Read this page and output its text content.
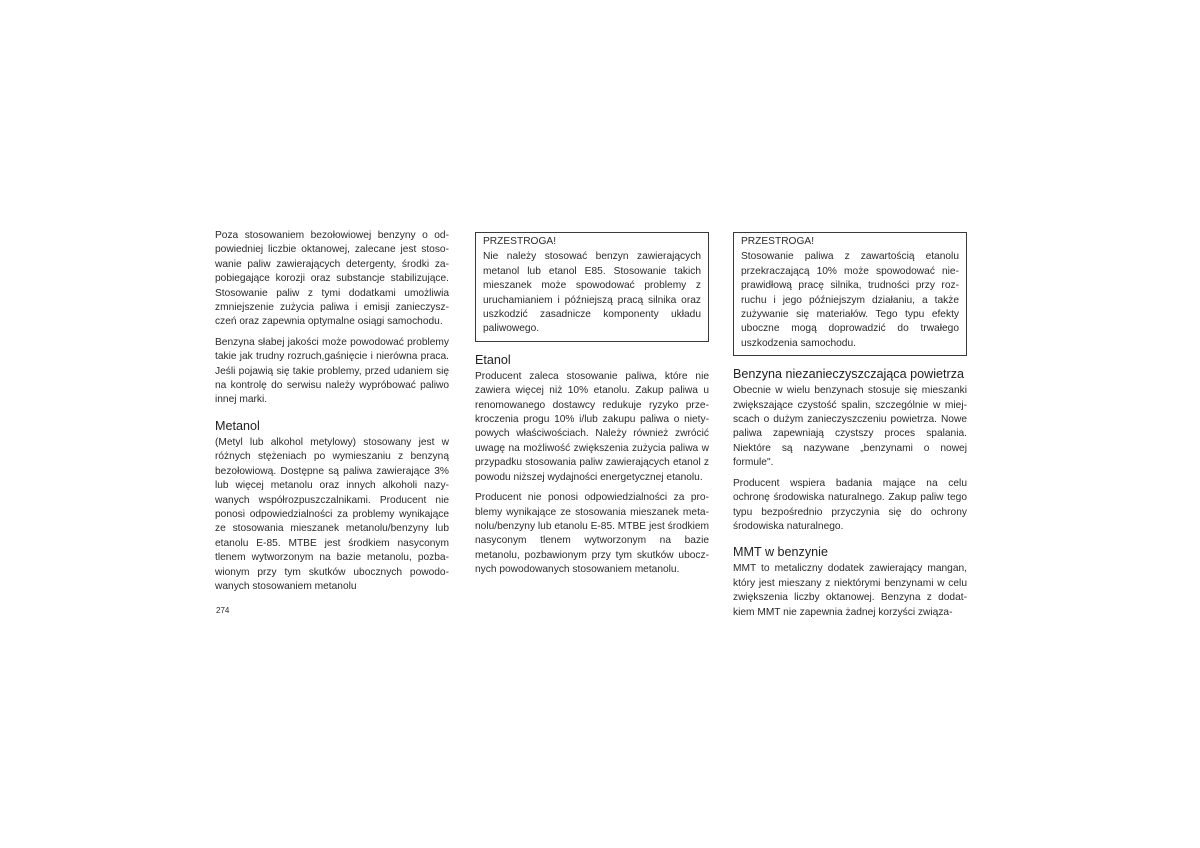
Poza stosowaniem bezołowiowej benzyny o odpowiedniej liczbie oktanowej, zalecane jest stosowanie paliw zawierających detergenty, środki zapobiegające korozji oraz substancje stabilizujące. Stosowanie paliw z tymi dodatkami umożliwia zmniejszenie zużycia paliwa i emisji zanieczyszczeń oraz zapewnia optymalne osiągi samochodu.

Benzyna słabej jakości może powodować problemy takie jak trudny rozruch,gaśnięcie i nierówna praca. Jeśli pojawią się takie problemy, przed udaniem się na kontrolę do serwisu należy wypróbować paliwo innej marki.

Metanol

(Metyl lub alkohol metylowy) stosowany jest w różnych stężeniach po wymieszaniu z benzyną bezołowiową. Dostępne są paliwa zawierające 3% lub więcej metanolu oraz innych alkoholi nazywanych współrozpuszczalnikami. Producent nie ponosi odpowiedzialności za problemy wynikające ze stosowania mieszanek metanolu/benzyny lub etanolu E-85. MTBE jest środkiem nasyconym tlenem wytworzonym na bazie metanolu, pozbawionym przy tym skutków ubocznych powodowanych stosowaniem metanolu

PRZESTROGA!

Nie należy stosować benzyn zawierających metanol lub etanol E85. Stosowanie takich mieszanek może spowodować problemy z uruchamianiem i późniejszą pracą silnika oraz uszkodzić zasadnicze komponenty układu paliwowego.

Etanol

Producent zaleca stosowanie paliwa, które nie zawiera więcej niż 10% etanolu. Zakup paliwa u renomowanego dostawcy redukuje ryzyko przekroczenia progu 10% i/lub zakupu paliwa o nietypowych właściwościach. Należy również zwrócić uwagę na możliwość zwiększenia zużycia paliwa w przypadku stosowania paliw zawierających etanol z powodu niższej wydajności energetycznej etanolu.

Producent nie ponosi odpowiedzialności za problemy wynikające ze stosowania mieszanek metanolu/benzyny lub etanolu E-85. MTBE jest środkiem nasyconym tlenem wytworzonym na bazie metanolu, pozbawionym przy tym skutków ubocznych powodowanych stosowaniem metanolu.

PRZESTROGA!

Stosowanie paliwa z zawartością etanolu przekraczającą 10% może spowodować nieprawidłową pracę silnika, trudności przy rozruchu i jego późniejszym działaniu, a także zużywanie się materiałów. Tego typu efekty uboczne mogą doprowadzić do trwałego uszkodzenia samochodu.

Benzyna niezanieczyszczająca powietrza

Obecnie w wielu benzynach stosuje się mieszanki zwiększające czystość spalin, szczególnie w miejscach o dużym zanieczyszczeniu powietrza. Nowe paliwa zapewniają czystszy proces spalania. Niektóre są nazywane „benzynami o nowej formule".

Producent wspiera badania mające na celu ochronę środowiska naturalnego. Zakup paliw tego typu bezpośrednio przyczynia się do ochrony środowiska naturalnego.

MMT w benzynie

MMT to metaliczny dodatek zawierający mangan, który jest mieszany z niektórymi benzynami w celu zwiększenia liczby oktanowej. Benzyna z dodatkiem MMT nie zapewnia żadnej korzyści związa-

274
